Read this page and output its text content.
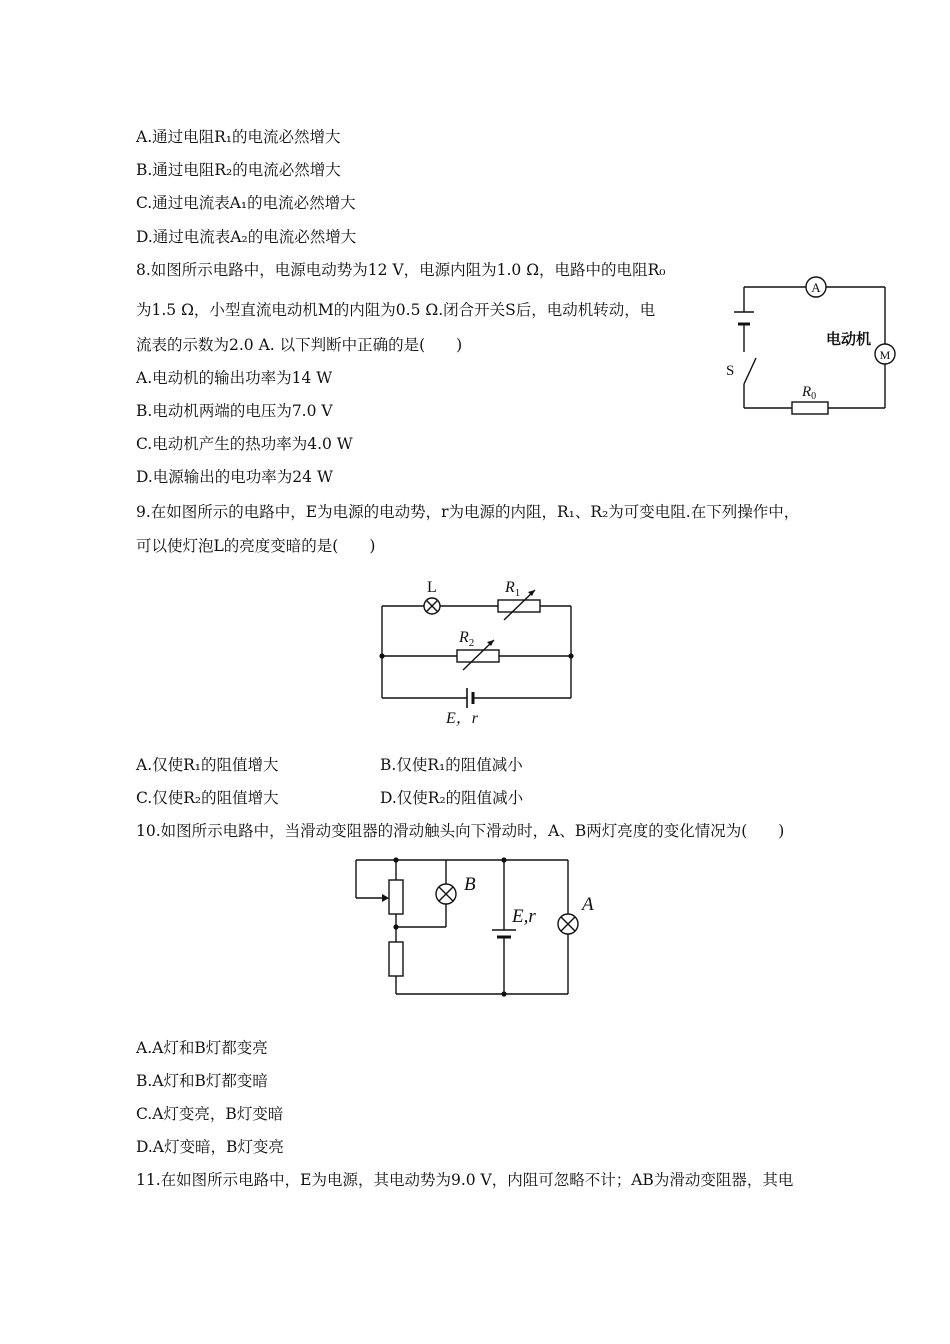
A.通过电阻R₁的电流必然增大
B.通过电阻R₂的电流必然增大
C.通过电流表A₁的电流必然增大
D.通过电流表A₂的电流必然增大
8.如图所示电路中，电源电动势为12 V，电源内阻为1.0 Ω，电路中的电阻R₀
为1.5 Ω，小型直流电动机M的内阻为0.5 Ω.闭合开关S后，电动机转动，电
流表的示数为2.0 A. 以下判断中正确的是(　　)
A.电动机的输出功率为14 W
B.电动机两端的电压为7.0 V
C.电动机产生的热功率为4.0 W
D.电源输出的电功率为24 W
A
M
电动机
S
$R_0$
9.在如图所示的电路中，E为电源的电动势，r为电源的内阻，R₁、R₂为可变电阻.在下列操作中，
可以使灯泡L的亮度变暗的是(　　)
L	$R_1$
$R_2$
E，r
A.仅使R₁的阻值增大	B.仅使R₁的阻值减小
C.仅使R₂的阻值增大	D.仅使R₂的阻值减小
10.如图所示电路中，当滑动变阻器的滑动触头向下滑动时，A、B两灯亮度的变化情况为(　　)
B
E,r
A
A.A灯和B灯都变亮
B.A灯和B灯都变暗
C.A灯变亮，B灯变暗
D.A灯变暗，B灯变亮
11.在如图所示电路中，E为电源，其电动势为9.0 V，内阻可忽略不计；AB为滑动变阻器，其电
